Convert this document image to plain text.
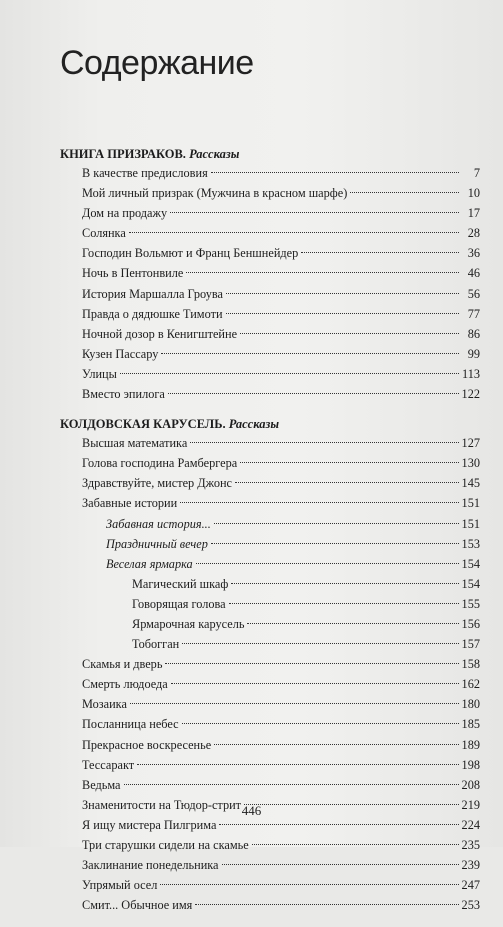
Содержание
КНИГА ПРИЗРАКОВ. Рассказы
В качестве предисловия	7
Мой личный призрак (Мужчина в красном шарфе)	10
Дом на продажу	17
Солянка	28
Господин Вольмют и Франц Беншнейдер	36
Ночь в Пентонвиле	46
История Маршалла Гроува	56
Правда о дядюшке Тимоти	77
Ночной дозор в Кенигштейне	86
Кузен Пассару	99
Улицы	113
Вместо эпилога	122
КОЛДОВСКАЯ КАРУСЕЛЬ. Рассказы
Высшая математика	127
Голова господина Рамбергера	130
Здравствуйте, мистер Джонс	145
Забавные истории	151
Забавная история...	151
Праздничный вечер	153
Веселая ярмарка	154
Магический шкаф	154
Говорящая голова	155
Ярмарочная карусель	156
Тобогган	157
Скамья и дверь	158
Смерть людоеда	162
Мозаика	180
Посланница небес	185
Прекрасное воскресенье	189
Тессаракт	198
Ведьма	208
Знаменитости на Тюдор-стрит	219
Я ищу мистера Пилгрима	224
Три старушки сидели на скамье	235
Заклинание понедельника	239
Упрямый осел	247
Смит... Обычное имя	253
446
